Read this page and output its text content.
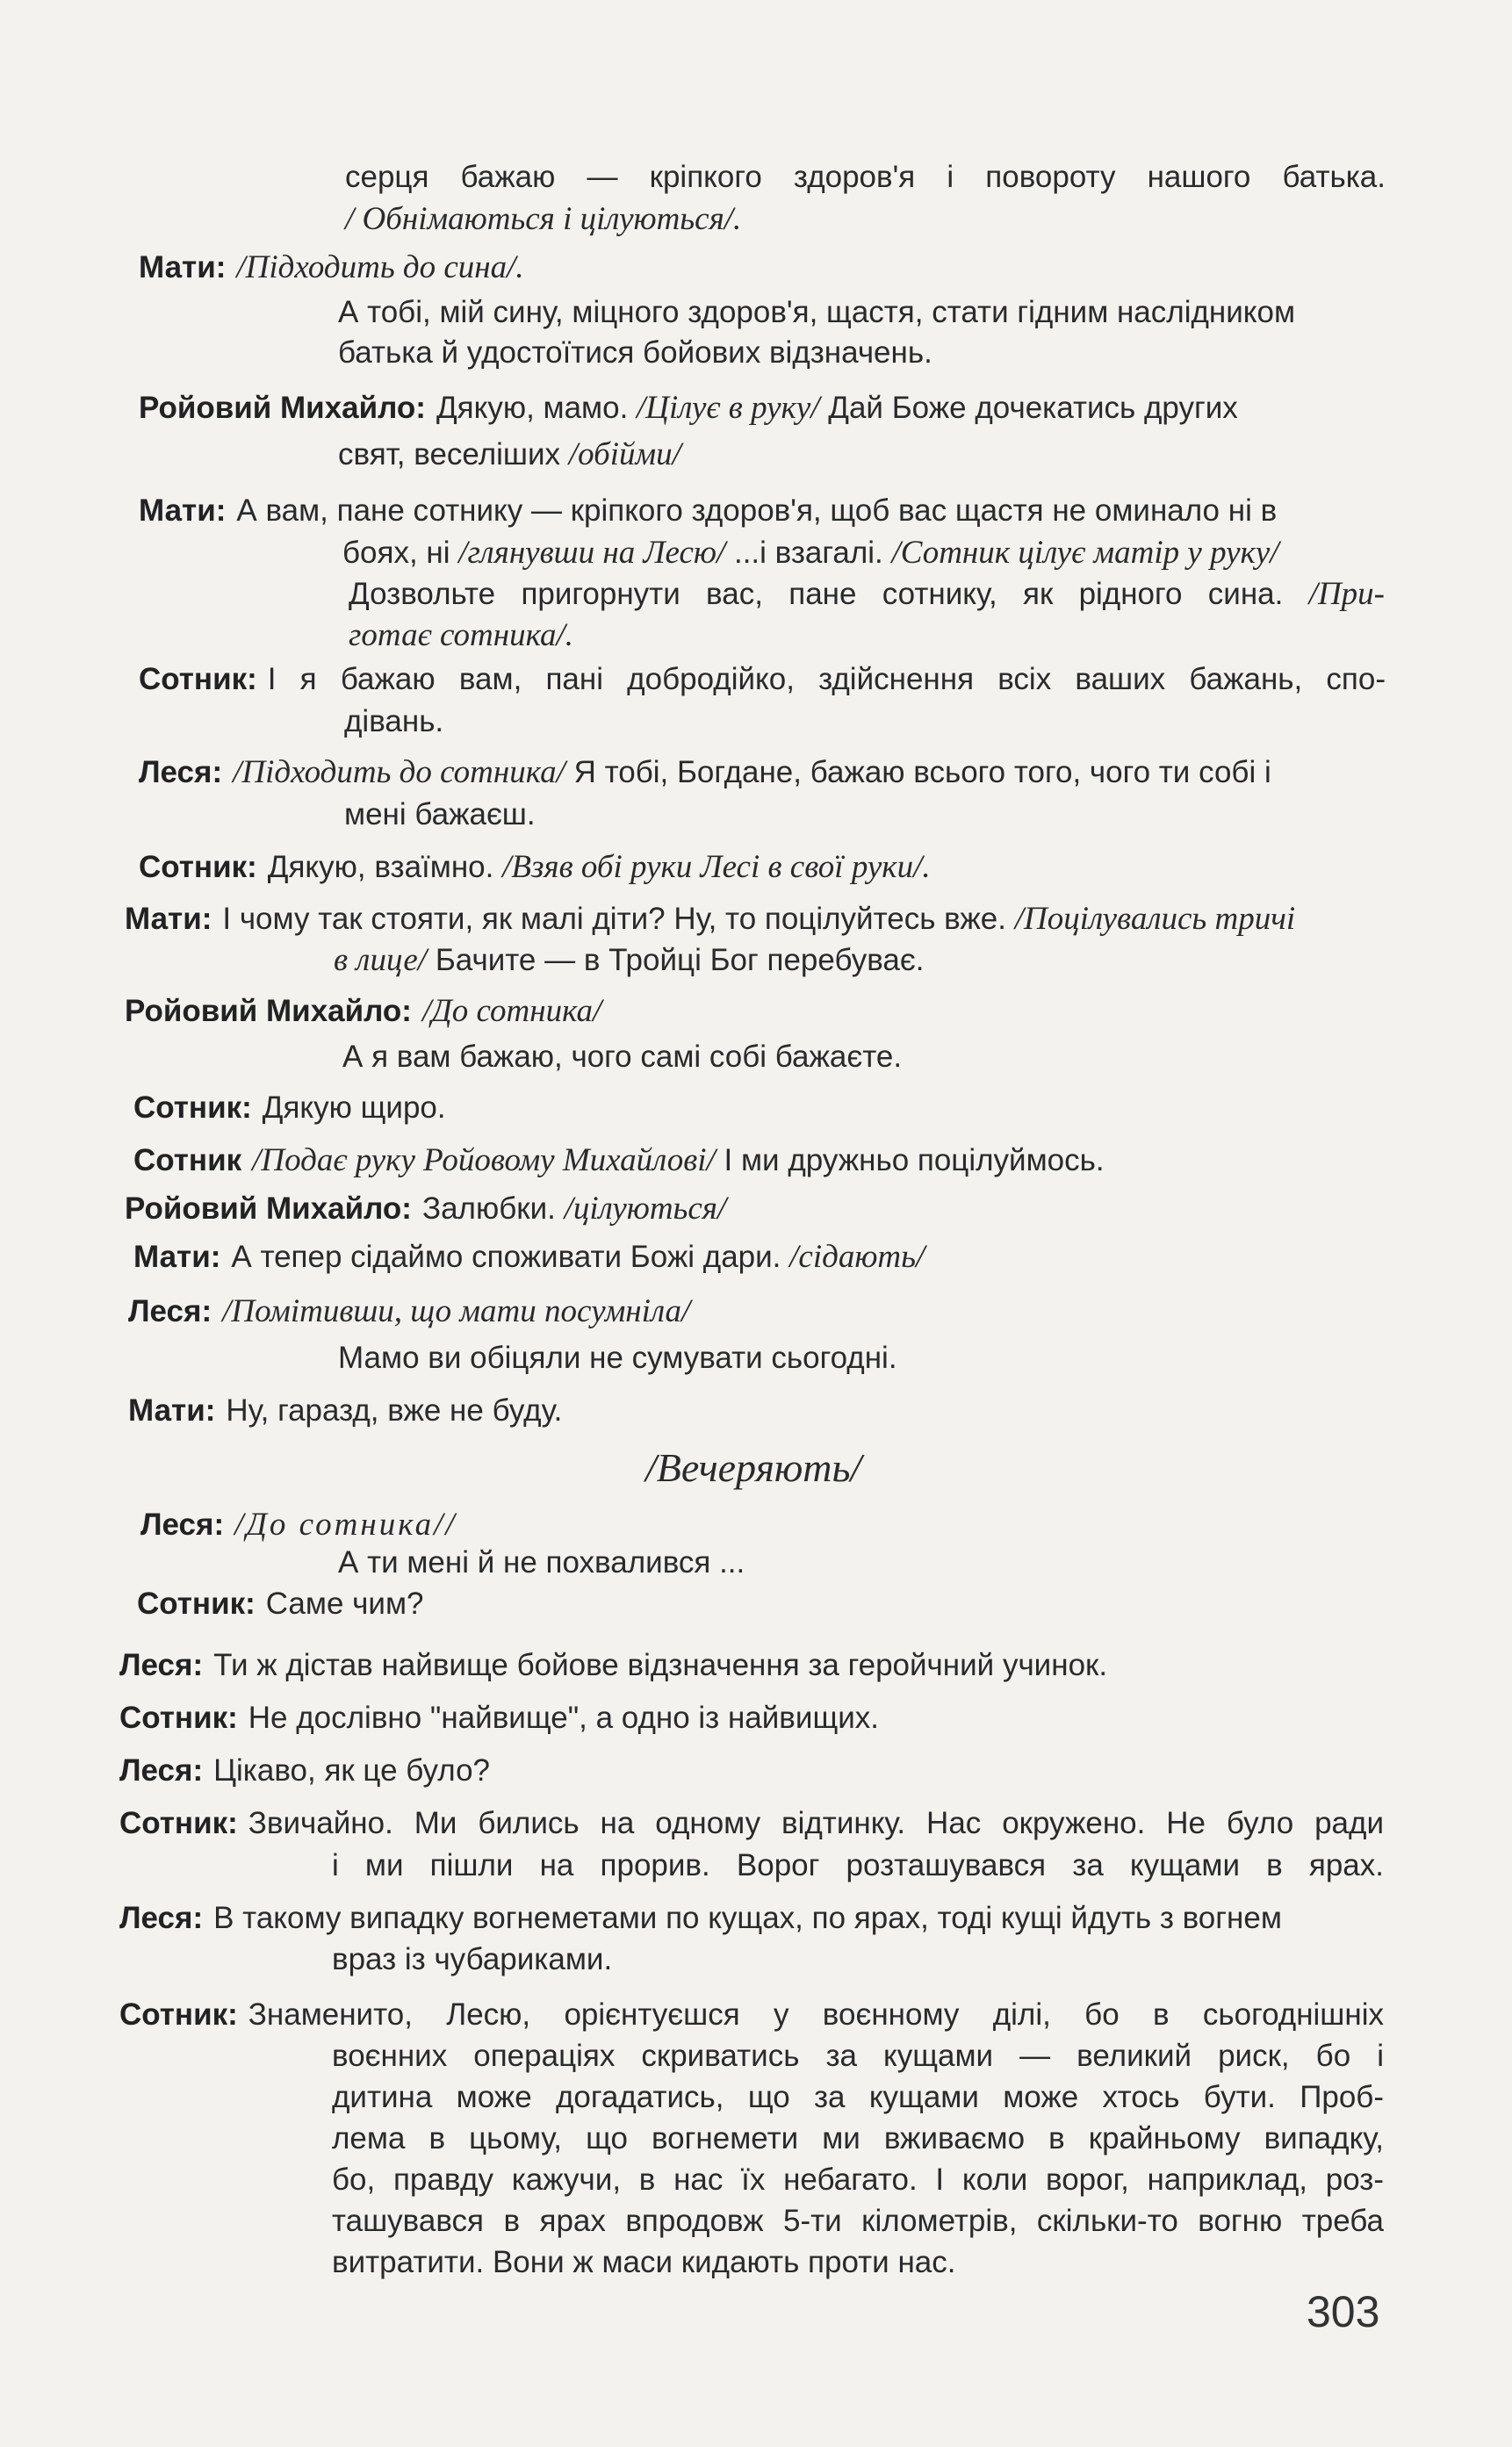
серця бажаю — кріпкого здоров'я і повороту нашого батька.
/ Обнімаються і цілуються/.
Мати: /Підходить до сина/.
А тобі, мій сину, міцного здоров'я, щастя, стати гідним наслідником
батька й удостоїтися бойових відзначень.
Ройовий Михайло: Дякую, мамо. /Цілує в руку/ Дай Боже дочекатись других
свят, веселіших /обійми/
Мати: А вам, пане сотнику — кріпкого здоров'я, щоб вас щастя не оминало ні в
боях, ні /глянувши на Лесю/ ...і взагалі. /Сотник цілує матір у руку/
Дозвольте пригорнути вас, пане сотнику, як рідного сина. /При-
готає сотника/.
Сотник: І я бажаю вам, пані добродійко, здійснення всіх ваших бажань, спо-
дівань.
Леся: /Підходить до сотника/ Я тобі, Богдане, бажаю всього того, чого ти собі і
мені бажаєш.
Сотник: Дякую, взаїмно. /Взяв обі руки Лесі в свої руки/.
Мати: І чому так стояти, як малі діти? Ну, то поцілуйтесь вже. /Поцілувались тричі
в лице/ Бачите — в Тройці Бог перебуває.
Ройовий Михайло: /До сотника/
А я вам бажаю, чого самі собі бажаєте.
Сотник: Дякую щиро.
Сотник /Подає руку Ройовому Михайлові/ І ми дружньо поцілуймось.
Ройовий Михайло: Залюбки. /цілуються/
Мати: А тепер сідаймо споживати Божі дари. /сідають/
Леся: /Помітивши, що мати посумніла/
Мамо ви обіцяли не сумувати сьогодні.
Мати: Ну, гаразд, вже не буду.
/Вечеряють/
Леся: /До сотника//
А ти мені й не похвалився ...
Сотник: Саме чим?
Леся: Ти ж дістав найвище бойове відзначення за геройчний учинок.
Сотник: Не дослівно "найвище", а одно із найвищих.
Леся: Цікаво, як це було?
Сотник: Звичайно. Ми бились на одному відтинку. Нас окружено. Не було ради
і ми пішли на прорив. Ворог розташувався за кущами в ярах.
Леся: В такому випадку вогнеметами по кущах, по ярах, тоді кущі йдуть з вогнем
враз із чубариками.
Сотник: Знаменито, Лесю, орієнтуєшся у воєнному ділі, бо в сьогоднішніх
воєнних операціях скриватись за кущами — великий риск, бо і
дитина може догадатись, що за кущами може хтось бути. Проб-
лема в цьому, що вогнемети ми вживаємо в крайньому випадку,
бо, правду кажучи, в нас їх небагато. І коли ворог, наприклад, роз-
ташувався в ярах впродовж 5-ти кілометрів, скільки-то вогню треба
витратити. Вони ж маси кидають проти нас.
303
